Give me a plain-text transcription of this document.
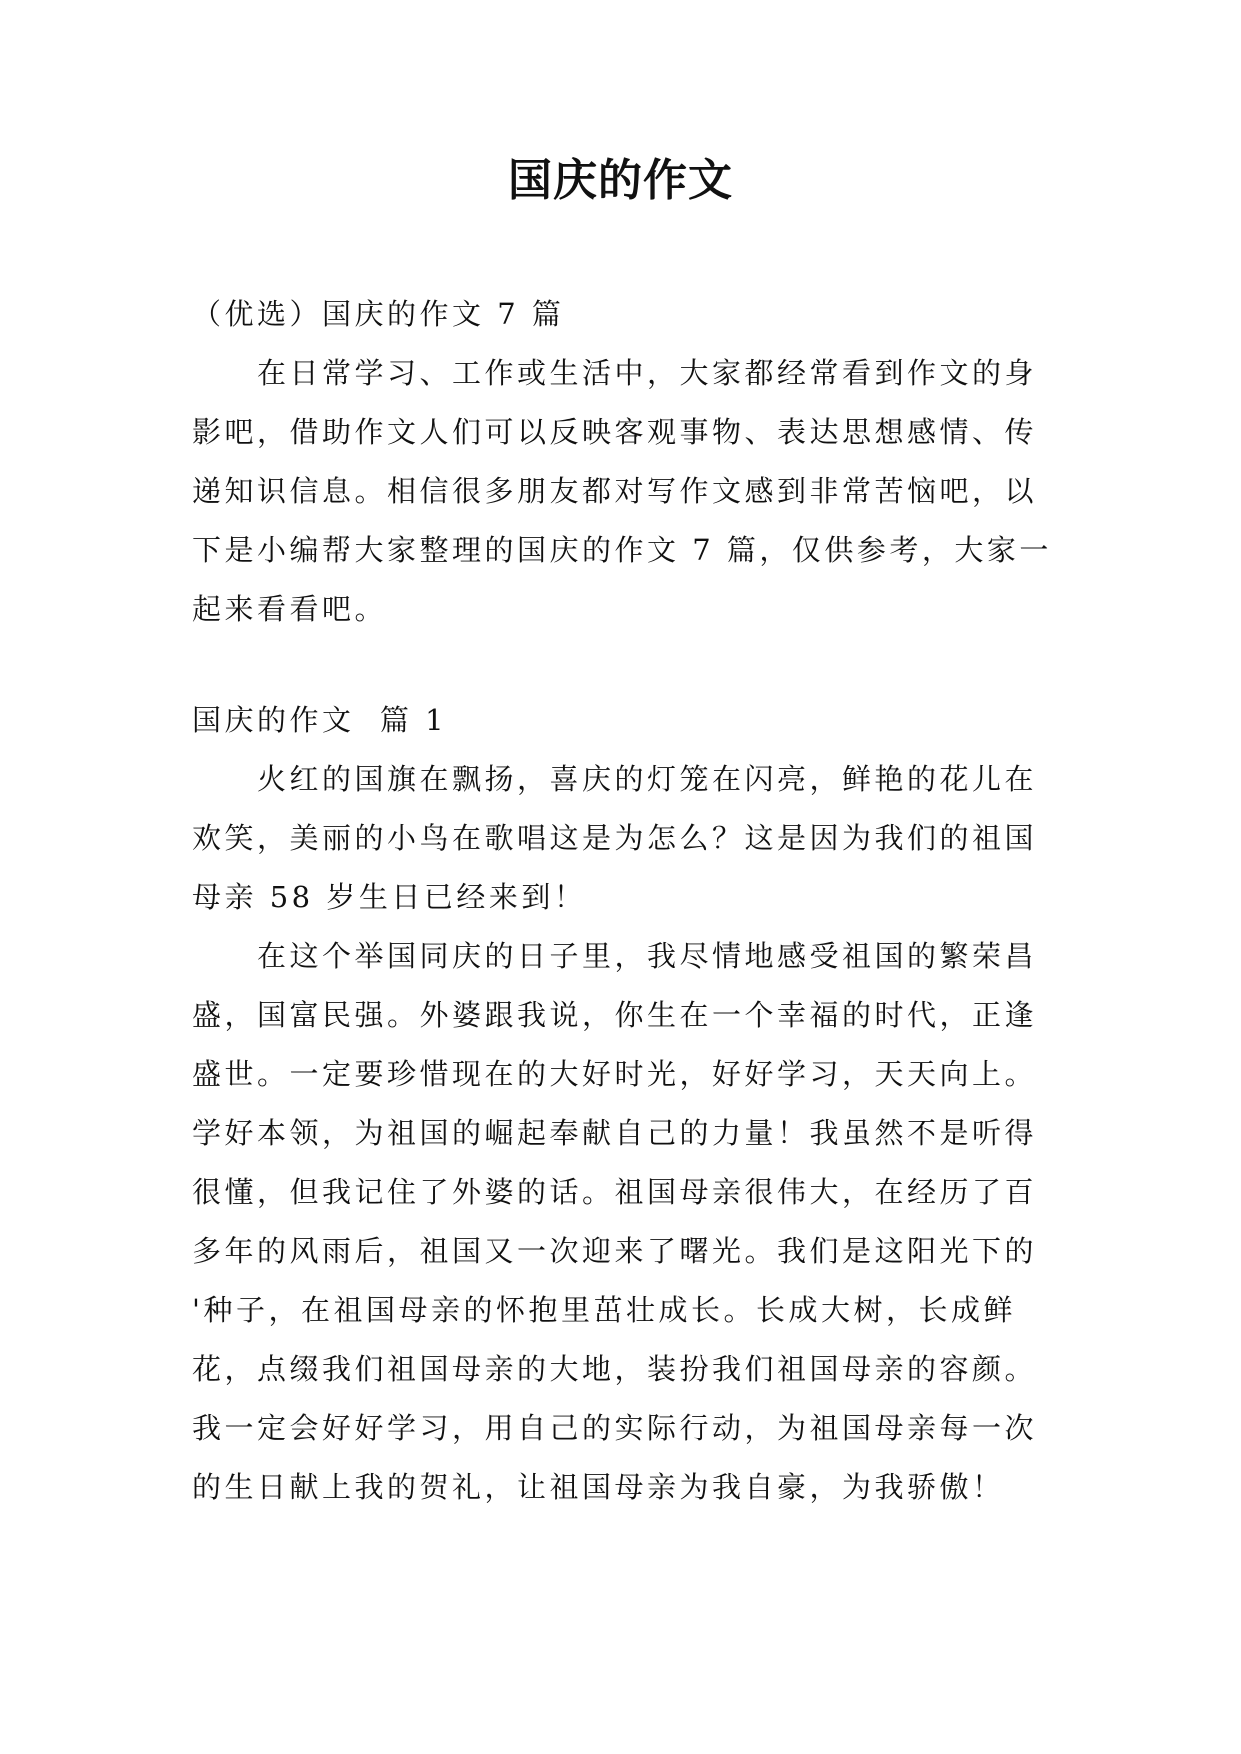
国庆的作文
（优选）国庆的作文 7 篇
在日常学习、工作或生活中，大家都经常看到作文的身
影吧，借助作文人们可以反映客观事物、表达思想感情、传
递知识信息。相信很多朋友都对写作文感到非常苦恼吧，以
下是小编帮大家整理的国庆的作文 7 篇，仅供参考，大家一
起来看看吧。
国庆的作文  篇 1
火红的国旗在飘扬，喜庆的灯笼在闪亮，鲜艳的花儿在
欢笑，美丽的小鸟在歌唱这是为怎么？这是因为我们的祖国
母亲 58 岁生日已经来到！
在这个举国同庆的日子里，我尽情地感受祖国的繁荣昌
盛，国富民强。外婆跟我说，你生在一个幸福的时代，正逢
盛世。一定要珍惜现在的大好时光，好好学习，天天向上。
学好本领，为祖国的崛起奉献自己的力量！我虽然不是听得
很懂，但我记住了外婆的话。祖国母亲很伟大，在经历了百
多年的风雨后，祖国又一次迎来了曙光。我们是这阳光下的
'种子，在祖国母亲的怀抱里茁壮成长。长成大树，长成鲜
花，点缀我们祖国母亲的大地，装扮我们祖国母亲的容颜。
我一定会好好学习，用自己的实际行动，为祖国母亲每一次
的生日献上我的贺礼，让祖国母亲为我自豪，为我骄傲！
